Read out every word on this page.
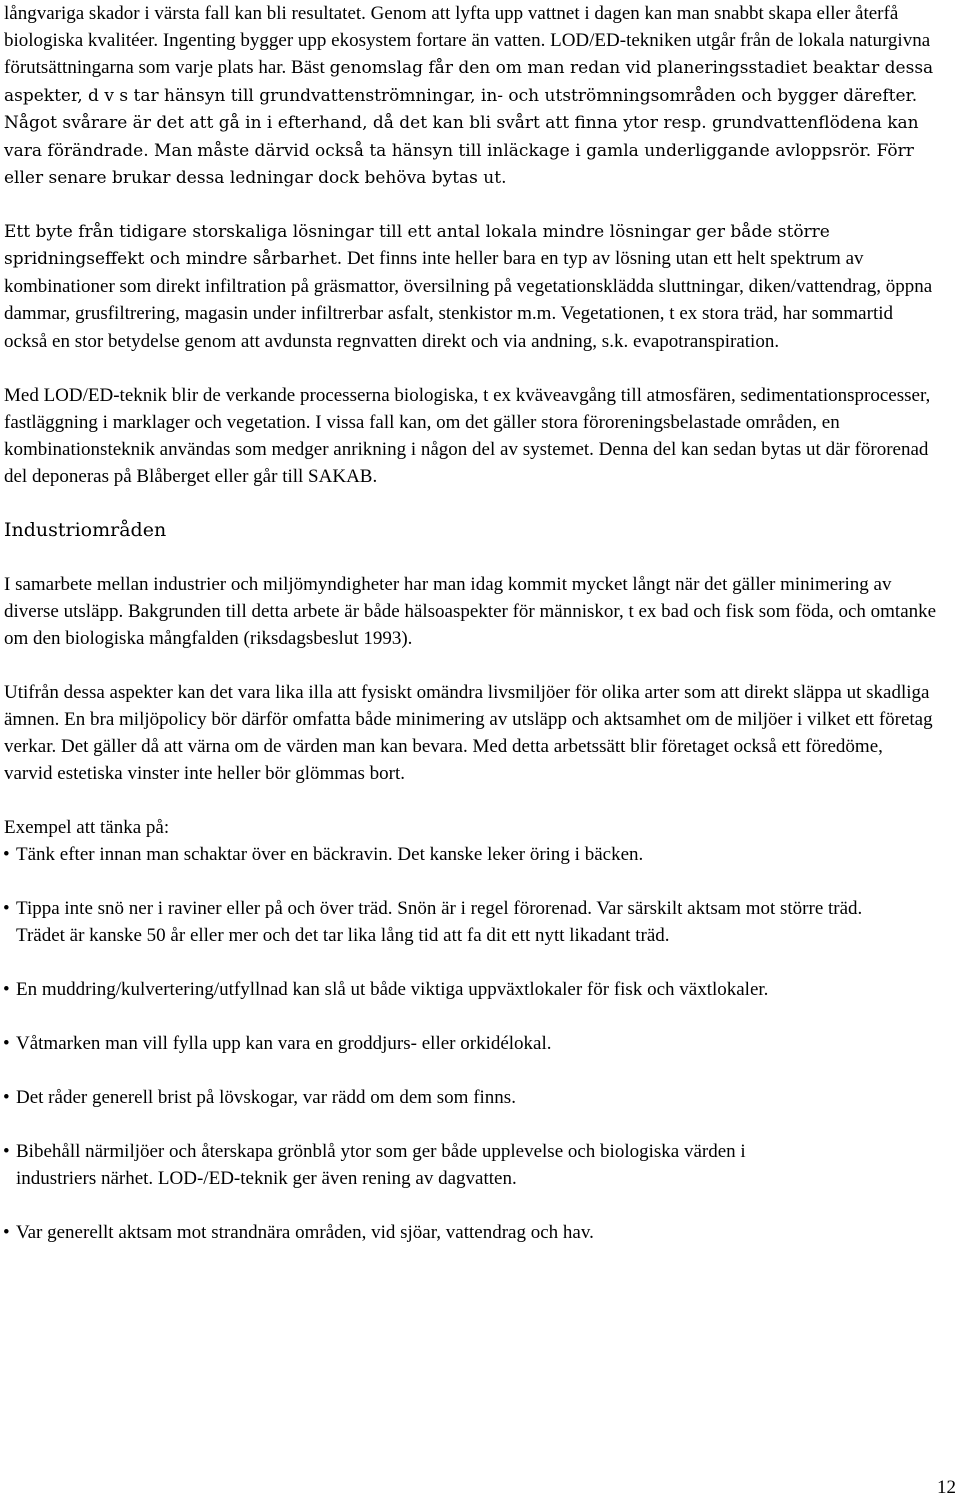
långvariga skador i värsta fall kan bli resultatet. Genom att lyfta upp vattnet i dagen kan man snabbt skapa eller återfå biologiska kvalitéer. Ingenting bygger upp ekosystem fortare än vatten. LOD/ED-tekniken utgår från de lokala naturgivna förutsättningarna som varje plats har. Bäst genomslag får den om man redan vid planeringsstadiet beaktar dessa aspekter, d v s tar hänsyn till grundvattenströmningar, in- och utströmningsområden och bygger därefter. Något svårare är det att gå in i efterhand, då det kan bli svårt att finna ytor resp. grundvattenflödena kan vara förändrade. Man måste därvid också ta hänsyn till inläckage i gamla underliggande avloppsrör. Förr eller senare brukar dessa ledningar dock behöva bytas ut.

Ett byte från tidigare storskaliga lösningar till ett antal lokala mindre lösningar ger både större spridningseffekt och mindre sårbarhet. Det finns inte heller bara en typ av lösning utan ett helt spektrum av kombinationer som direkt infiltration på gräsmattor, översilning på vegetationsklädda sluttningar, diken/vattendrag, öppna dammar, grusfiltrering, magasin under infiltrerbar asfalt, stenkistor m.m. Vegetationen, t ex stora träd, har sommartid också en stor betydelse genom att avdunsta regnvatten direkt och via andning, s.k. evapotranspiration.

Med LOD/ED-teknik blir de verkande processerna biologiska, t ex kväveavgång till atmosfären, sedimentationsprocesser, fastläggning i marklager och vegetation. I vissa fall kan, om det gäller stora föroreningsbelastade områden, en kombinationsteknik användas som medger anrikning i någon del av systemet. Denna del kan sedan bytas ut där förorenad del deponeras på Blåberget eller går till SAKAB.

Industriområden

I samarbete mellan industrier och miljömyndigheter har man idag kommit mycket långt när det gäller minimering av diverse utsläpp. Bakgrunden till detta arbete är både hälsoaspekter för människor, t ex bad och fisk som föda, och omtanke om den biologiska mångfalden (riksdagsbeslut 1993).

Utifrån dessa aspekter kan det vara lika illa att fysiskt omändra livsmiljöer för olika arter som att direkt släppa ut skadliga ämnen. En bra miljöpolicy bör därför omfatta både minimering av utsläpp och aktsamhet om de miljöer i vilket ett företag verkar. Det gäller då att värna om de värden man kan bevara. Med detta arbetssätt blir företaget också ett föredöme, varvid estetiska vinster inte heller bör glömmas bort.

Exempel att tänka på:

• Tänk efter innan man schaktar över en bäckravin. Det kanske leker öring i bäcken.
• Tippa inte snö ner i raviner eller på och över träd. Snön är i regel förorenad. Var särskilt aktsam mot större träd. Trädet är kanske 50 år eller mer och det tar lika lång tid att fa dit ett nytt likadant träd.
• En muddring/kulvertering/utfyllnad kan slå ut både viktiga uppväxtlokaler för fisk och växtlokaler.
• Våtmarken man vill fylla upp kan vara en groddjurs- eller orkidélokal.
• Det råder generell brist på lövskogar, var rädd om dem som finns.
• Bibehåll närmiljöer och återskapa grönblå ytor som ger både upplevelse och biologiska värden i industriers närhet. LOD-/ED-teknik ger även rening av dagvatten.
• Var generellt aktsam mot strandnära områden, vid sjöar, vattendrag och hav.
12
